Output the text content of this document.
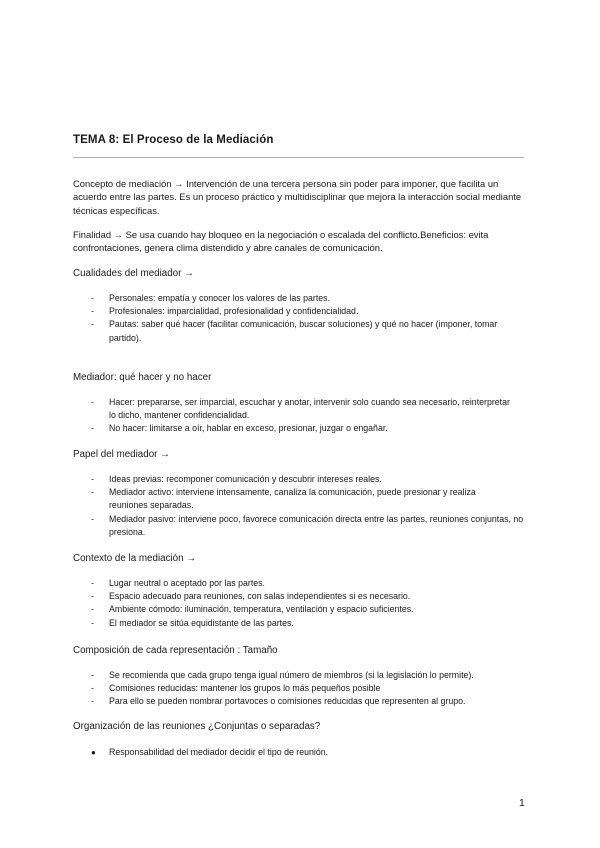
TEMA 8: El Proceso de la Mediación
Concepto de mediación → Intervención de una tercera persona sin poder para imponer, que facilita un acuerdo entre las partes. Es un proceso práctico y multidisciplinar que mejora la interacción social mediante técnicas específicas.
Finalidad → Se usa cuando hay bloqueo en la negociación o escalada del conflicto.Beneficios: evita confrontaciones, genera clima distendido y abre canales de comunicación.
Cualidades del mediador →
-	Personales: empatía y conocer los valores de las partes.
-	Profesionales: imparcialidad, profesionalidad y confidencialidad.
-	Pautas: saber qué hacer (facilitar comunicación, buscar soluciones) y qué no hacer (imponer, tomar partido).
Mediador: qué hacer y no hacer
-	Hacer: prepararse, ser imparcial, escuchar y anotar, intervenir solo cuando sea necesario, reinterpretar lo dicho, mantener confidencialidad.
-	No hacer: limitarse a oír, hablar en exceso, presionar, juzgar o engañar.
Papel del mediador →
-	Ideas previas: recomponer comunicación y descubrir intereses reales.
-	Mediador activo: interviene intensamente, canaliza la comunicación, puede presionar y realiza reuniones separadas.
-	Mediador pasivo: interviene poco, favorece comunicación directa entre las partes, reuniones conjuntas, no presiona.
Contexto de la mediación →
-	Lugar neutral o aceptado por las partes.
-	Espacio adecuado para reuniones, con salas independientes si es necesario.
-	Ambiente cómodo: iluminación, temperatura, ventilación y espacio suficientes.
-	El mediador se sitúa equidistante de las partes.
Composición de cada representación : Tamaño
-	Se recomienda que cada grupo tenga igual número de miembros (si la legislación lo permite).
-	Comisiones reducidas: mantener los grupos lo más pequeños posible
-	Para ello se pueden nombrar portavoces o comisiones reducidas que representen al grupo.
Organización de las reuniones ¿Conjuntas o separadas?
●	Responsabilidad del mediador decidir el tipo de reunión.
1
